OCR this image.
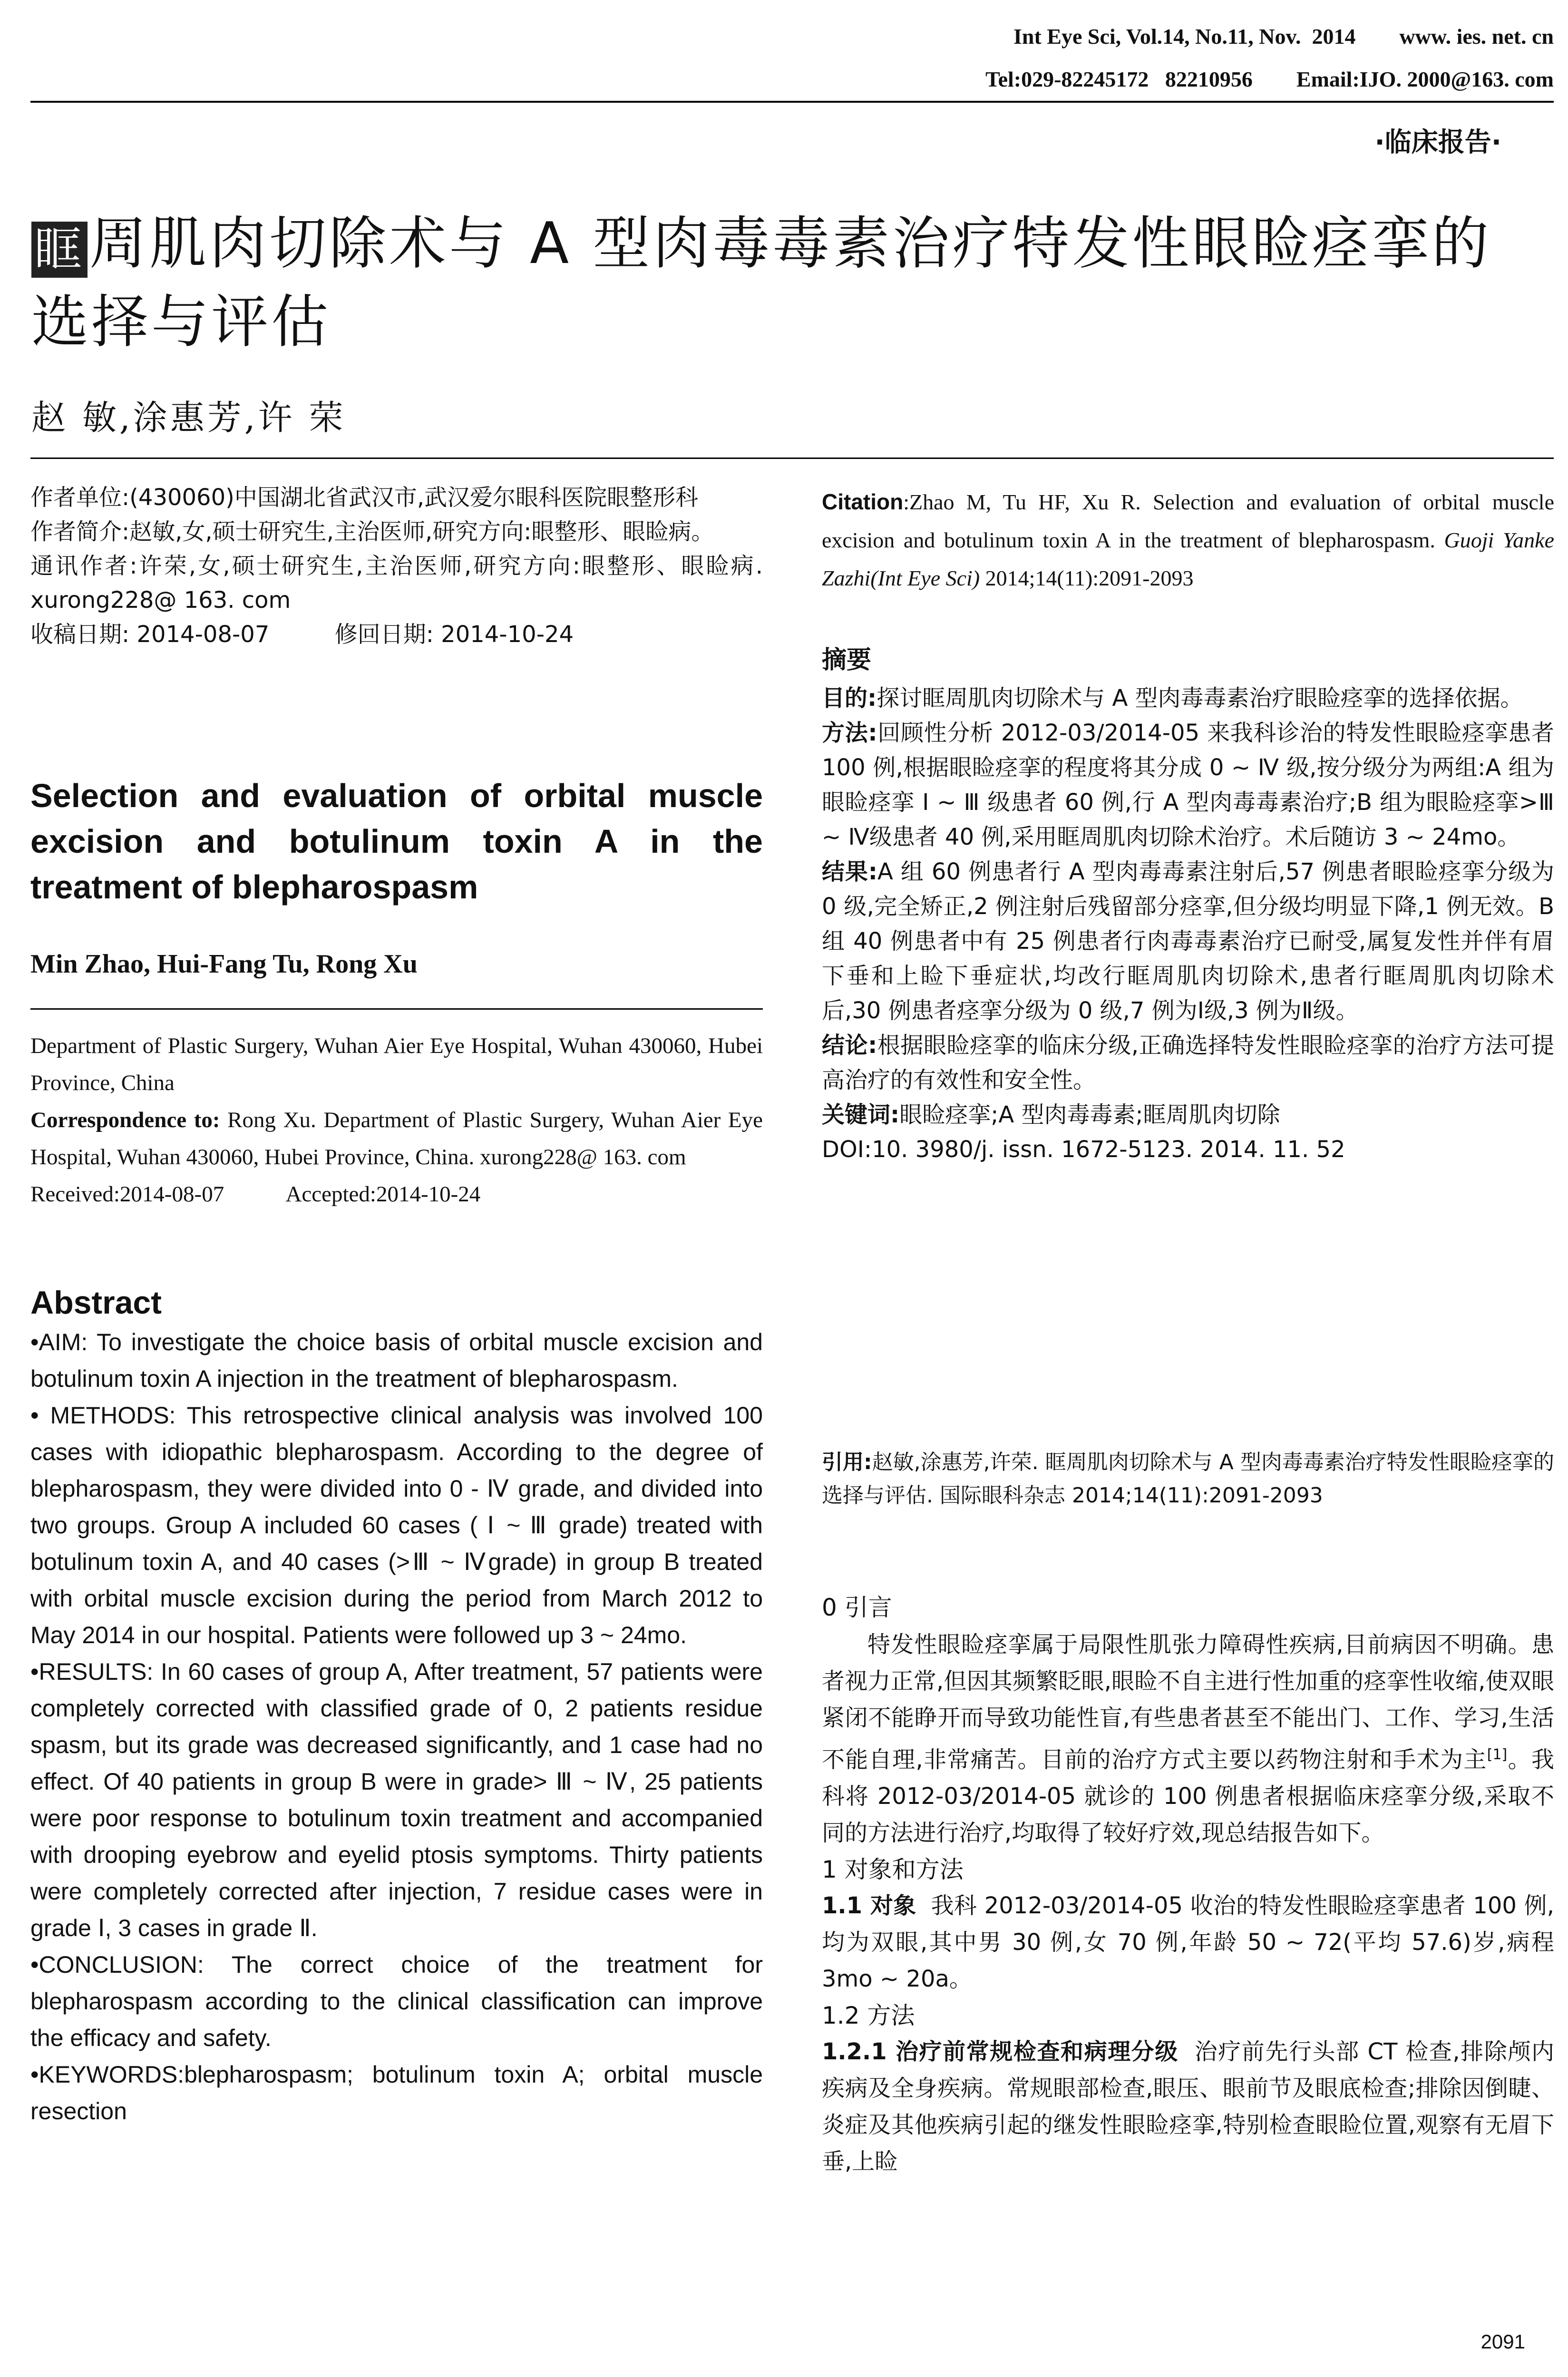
Int Eye Sci, Vol.14, No.11, Nov.  2014        www. ies. net. cn
Tel:029-82245172   82210956        Email:IJO. 2000@163. com
·临床报告·
眶周肌肉切除术与 A 型肉毒毒素治疗特发性眼睑痉挛的选择与评估
赵 敏,涂惠芳,许 荣

作者单位:(430060)中国湖北省武汉市,武汉爱尔眼科医院眼整形科

作者简介:赵敏,女,硕士研究生,主治医师,研究方向:眼整形、眼睑病。

通讯作者:许荣,女,硕士研究生,主治医师,研究方向:眼整形、眼睑病. xurong228@ 163. com

收稿日期: 2014-08-07	修回日期: 2014-10-24

Selection and evaluation of orbital muscle excision and botulinum toxin A in the treatment of blepharospasm

Min Zhao, Hui-Fang Tu, Rong Xu

Department of Plastic Surgery, Wuhan Aier Eye Hospital, Wuhan 430060, Hubei Province, China

Correspondence to: Rong Xu. Department of Plastic Surgery, Wuhan Aier Eye Hospital, Wuhan 430060, Hubei Province, China. xurong228@ 163. com

Received:2014-08-07	Accepted:2014-10-24

Abstract

•AIM: To investigate the choice basis of orbital muscle excision and botulinum toxin A injection in the treatment of blepharospasm.

• METHODS: This retrospective clinical analysis was involved 100 cases with idiopathic blepharospasm. According to the degree of blepharospasm, they were divided into 0 - Ⅳ grade, and divided into two groups. Group A included 60 cases ( Ⅰ ~ Ⅲ grade) treated with botulinum toxin A, and 40 cases (>Ⅲ ~ Ⅳgrade) in group B treated with orbital muscle excision during the period from March 2012 to May 2014 in our hospital. Patients were followed up 3 ~ 24mo.

•RESULTS: In 60 cases of group A, After treatment, 57 patients were completely corrected with classified grade of 0, 2 patients residue spasm, but its grade was decreased significantly, and 1 case had no effect. Of 40 patients in group B were in grade> Ⅲ ~ Ⅳ, 25 patients were poor response to botulinum toxin treatment and accompanied with drooping eyebrow and eyelid ptosis symptoms. Thirty patients were completely corrected after injection, 7 residue cases were in grade Ⅰ, 3 cases in grade Ⅱ.

•CONCLUSION: The correct choice of the treatment for blepharospasm according to the clinical classification can improve the efficacy and safety.

•KEYWORDS:blepharospasm; botulinum toxin A; orbital muscle resection

Citation:Zhao M, Tu HF, Xu R. Selection and evaluation of orbital muscle excision and botulinum toxin A in the treatment of blepharospasm. Guoji Yanke Zazhi(Int Eye Sci) 2014;14(11):2091-2093

摘要

目的:探讨眶周肌肉切除术与 A 型肉毒毒素治疗眼睑痉挛的选择依据。

方法:回顾性分析 2012-03/2014-05 来我科诊治的特发性眼睑痉挛患者 100 例,根据眼睑痉挛的程度将其分成 0 ~ Ⅳ 级,按分级分为两组:A 组为眼睑痉挛 Ⅰ ~ Ⅲ 级患者 60 例,行 A 型肉毒毒素治疗;B 组为眼睑痉挛>Ⅲ ~ Ⅳ级患者 40 例,采用眶周肌肉切除术治疗。术后随访 3 ~ 24mo。

结果:A 组 60 例患者行 A 型肉毒毒素注射后,57 例患者眼睑痉挛分级为 0 级,完全矫正,2 例注射后残留部分痉挛,但分级均明显下降,1 例无效。B 组 40 例患者中有 25 例患者行肉毒毒素治疗已耐受,属复发性并伴有眉下垂和上睑下垂症状,均改行眶周肌肉切除术,患者行眶周肌肉切除术后,30 例患者痉挛分级为 0 级,7 例为Ⅰ级,3 例为Ⅱ级。

结论:根据眼睑痉挛的临床分级,正确选择特发性眼睑痉挛的治疗方法可提高治疗的有效性和安全性。

关键词:眼睑痉挛;A 型肉毒毒素;眶周肌肉切除

DOI:10. 3980/j. issn. 1672-5123. 2014. 11. 52

引用:赵敏,涂惠芳,许荣. 眶周肌肉切除术与 A 型肉毒毒素治疗特发性眼睑痉挛的选择与评估. 国际眼科杂志 2014;14(11):2091-2093

0 引言

特发性眼睑痉挛属于局限性肌张力障碍性疾病,目前病因不明确。患者视力正常,但因其频繁眨眼,眼睑不自主进行性加重的痉挛性收缩,使双眼紧闭不能睁开而导致功能性盲,有些患者甚至不能出门、工作、学习,生活不能自理,非常痛苦。目前的治疗方式主要以药物注射和手术为主[1]。我科将 2012-03/2014-05 就诊的 100 例患者根据临床痉挛分级,采取不同的方法进行治疗,均取得了较好疗效,现总结报告如下。

1 对象和方法

1.1 对象 我科 2012-03/2014-05 收治的特发性眼睑痉挛患者 100 例,均为双眼,其中男 30 例,女 70 例,年龄 50 ~ 72(平均 57.6)岁,病程 3mo ~ 20a。

1.2 方法

1.2.1 治疗前常规检查和病理分级 治疗前先行头部 CT 检查,排除颅内疾病及全身疾病。常规眼部检查,眼压、眼前节及眼底检查;排除因倒睫、炎症及其他疾病引起的继发性眼睑痉挛,特别检查眼睑位置,观察有无眉下垂,上睑

2091
